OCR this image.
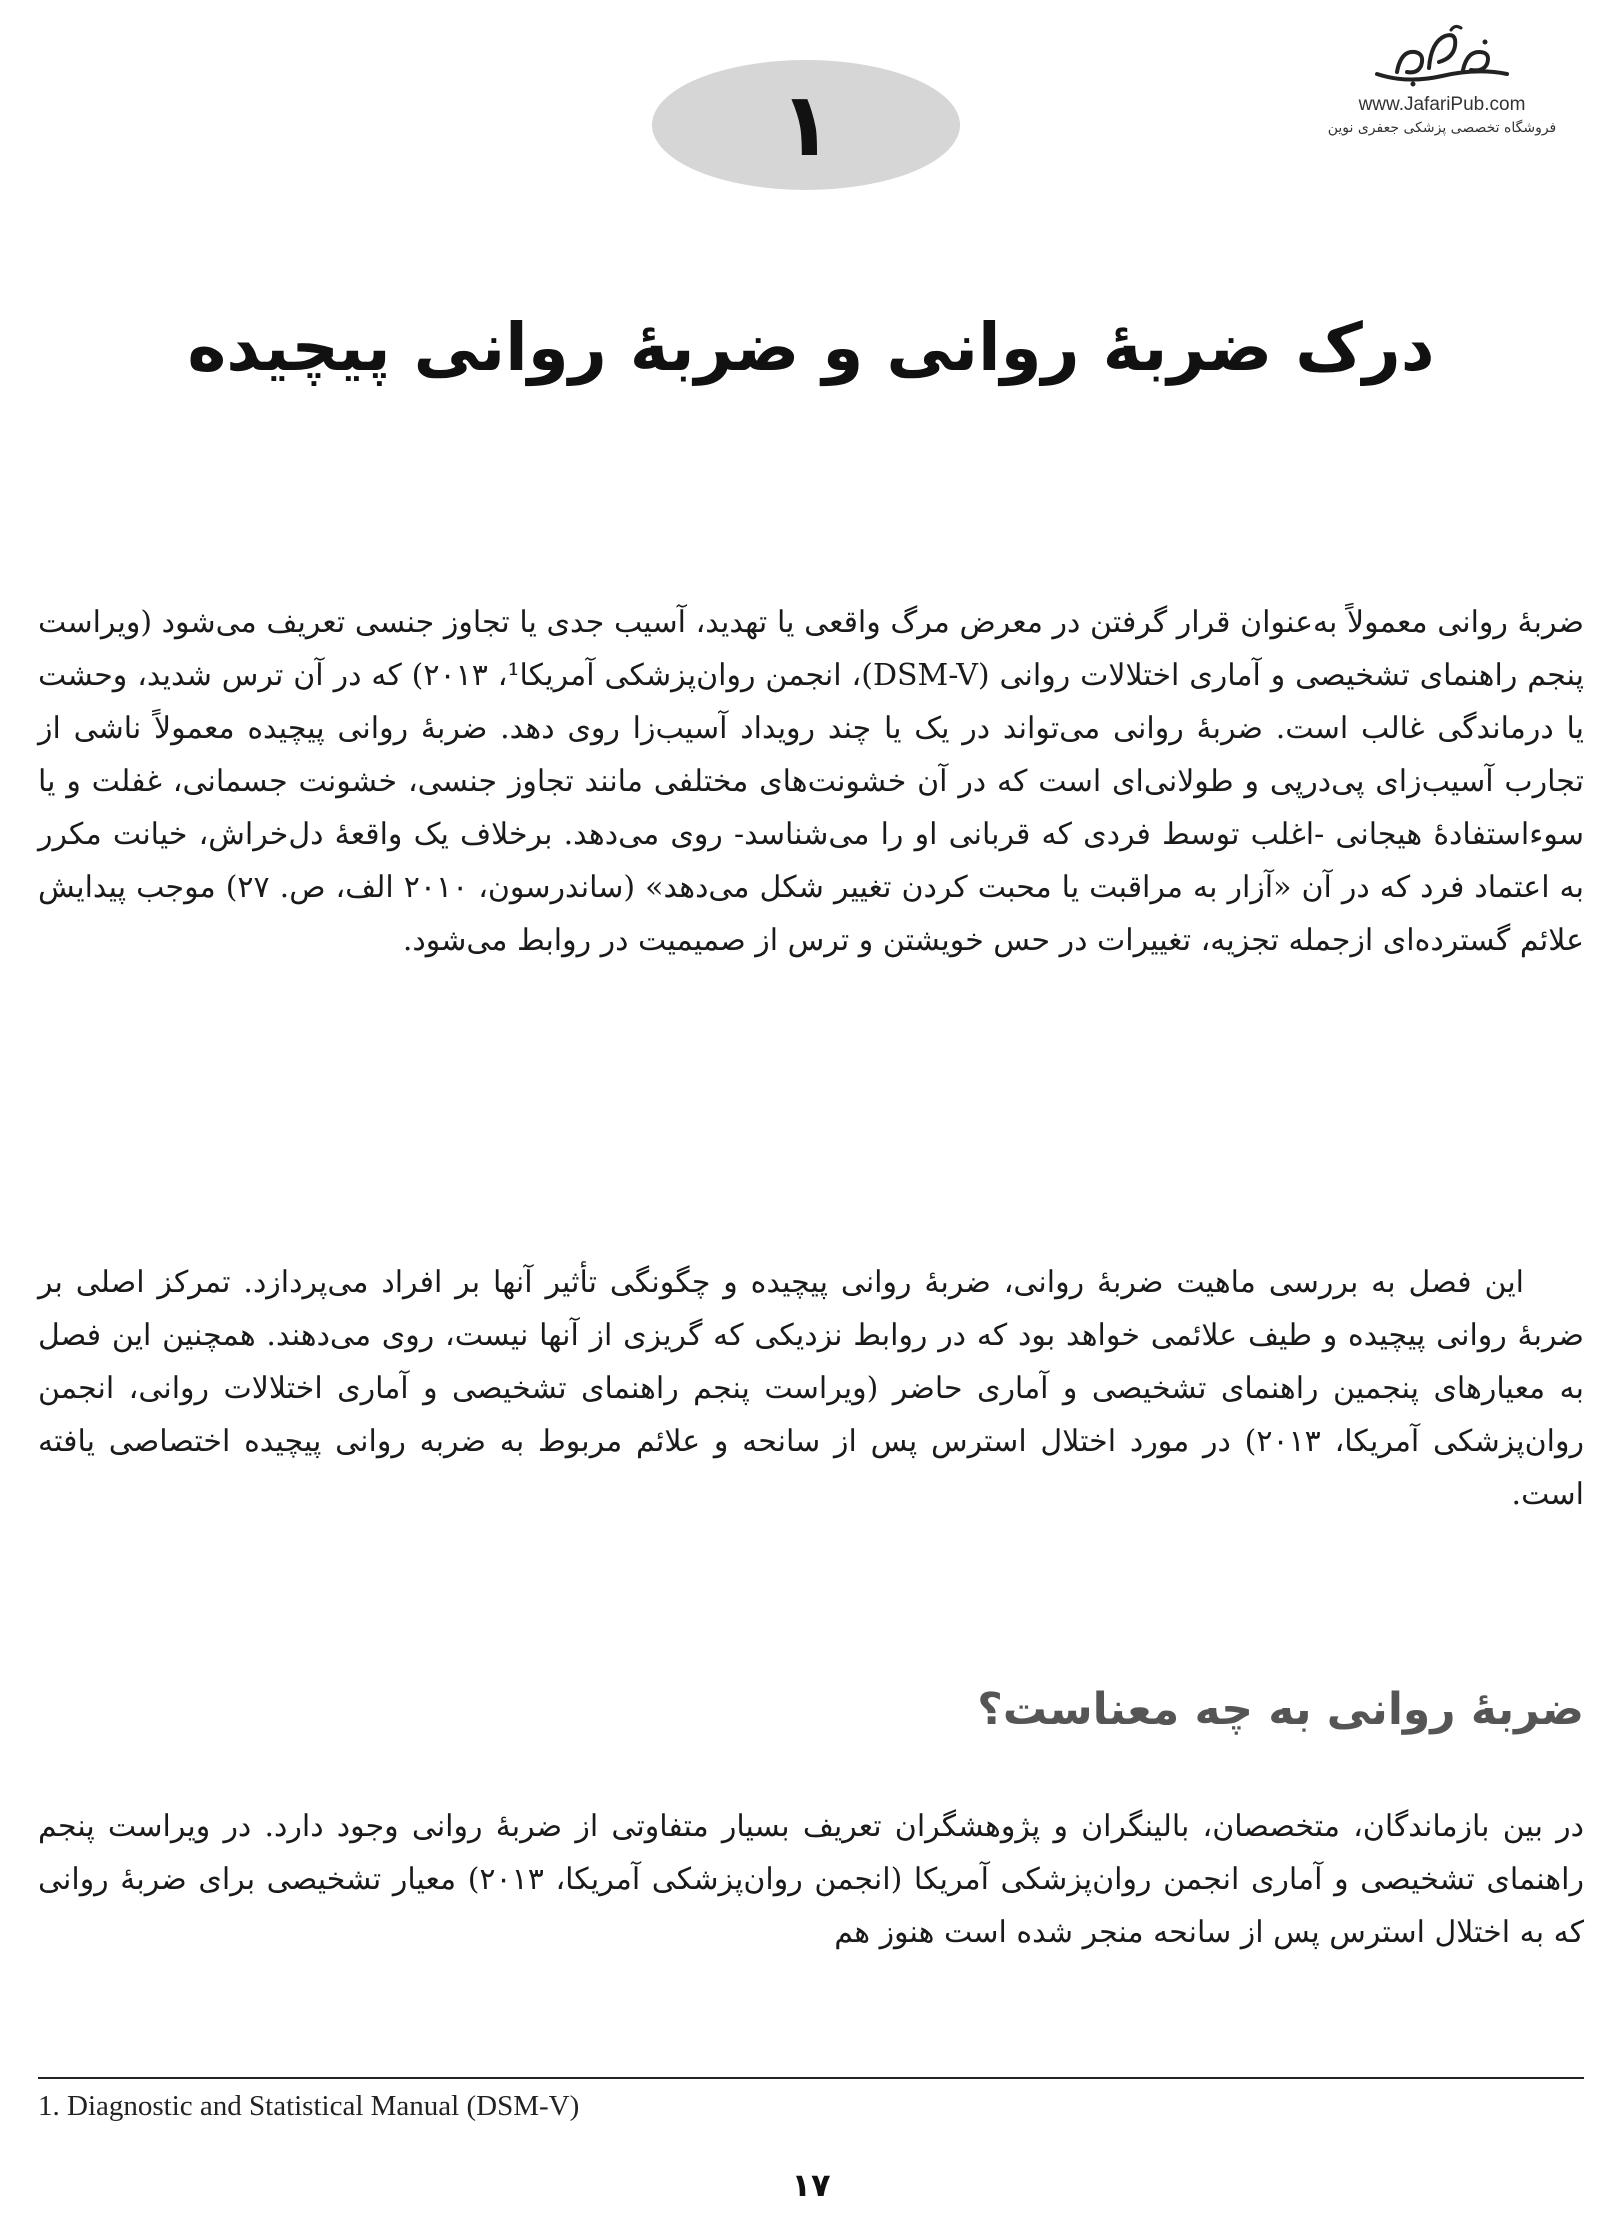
www.JafariPub.com
فروشگاه تخصصی پزشکی جعفری نوین
۱
درک ضربهٔ روانی و ضربهٔ روانی پیچیده

ضربهٔ روانی معمولاً به‌عنوان قرار گرفتن در معرض مرگ واقعی یا تهدید، آسیب جدی یا تجاوز جنسی تعریف می‌شود (ویراست پنجم راهنمای تشخیصی و آماری اختلالات روانی (DSM-V)، انجمن روان‌پزشکی آمریکا¹، ۲۰۱۳) که در آن ترس شدید، وحشت یا درماندگی غالب است. ضربهٔ روانی می‌تواند در یک یا چند رویداد آسیب‌زا روی دهد. ضربهٔ روانی پیچیده معمولاً ناشی از تجارب آسیب‌زای پی‌درپی و طولانی‌ای است که در آن خشونت‌های مختلفی مانند تجاوز جنسی، خشونت جسمانی، غفلت و یا سوءاستفادهٔ هیجانی -اغلب توسط فردی که قربانی او را می‌شناسد- روی می‌دهد. برخلاف یک واقعهٔ دل‌خراش، خیانت مکرر به اعتماد فرد که در آن «آزار به مراقبت یا محبت کردن تغییر شکل می‌دهد» (ساندرسون، ۲۰۱۰ الف، ص. ۲۷) موجب پیدایش علائم گسترده‌ای ازجمله تجزیه، تغییرات در حس خویشتن و ترس از صمیمیت در روابط می‌شود.

این فصل به بررسی ماهیت ضربهٔ روانی، ضربهٔ روانی پیچیده و چگونگی تأثیر آنها بر افراد می‌پردازد. تمرکز اصلی بر ضربهٔ روانی پیچیده و طیف علائمی خواهد بود که در روابط نزدیکی که گریزی از آنها نیست، روی می‌دهند. همچنین این فصل به معیارهای پنجمین راهنمای تشخیصی و آماری حاضر (ویراست پنجم راهنمای تشخیصی و آماری اختلالات روانی، انجمن روان‌پزشکی آمریکا، ۲۰۱۳) در مورد اختلال استرس پس از سانحه و علائم مربوط به ضربه روانی پیچیده اختصاصی یافته است.

ضربهٔ روانی به چه معناست؟

در بین بازماندگان، متخصصان، بالینگران و پژوهشگران تعریف بسیار متفاوتی از ضربهٔ روانی وجود دارد. در ویراست پنجم راهنمای تشخیصی و آماری انجمن روان‌پزشکی آمریکا (انجمن روان‌پزشکی آمریکا، ۲۰۱۳) معیار تشخیصی برای ضربهٔ روانی که به اختلال استرس پس از سانحه منجر شده است هنوز هم

1. Diagnostic and Statistical Manual (DSM-V)
۱۷
